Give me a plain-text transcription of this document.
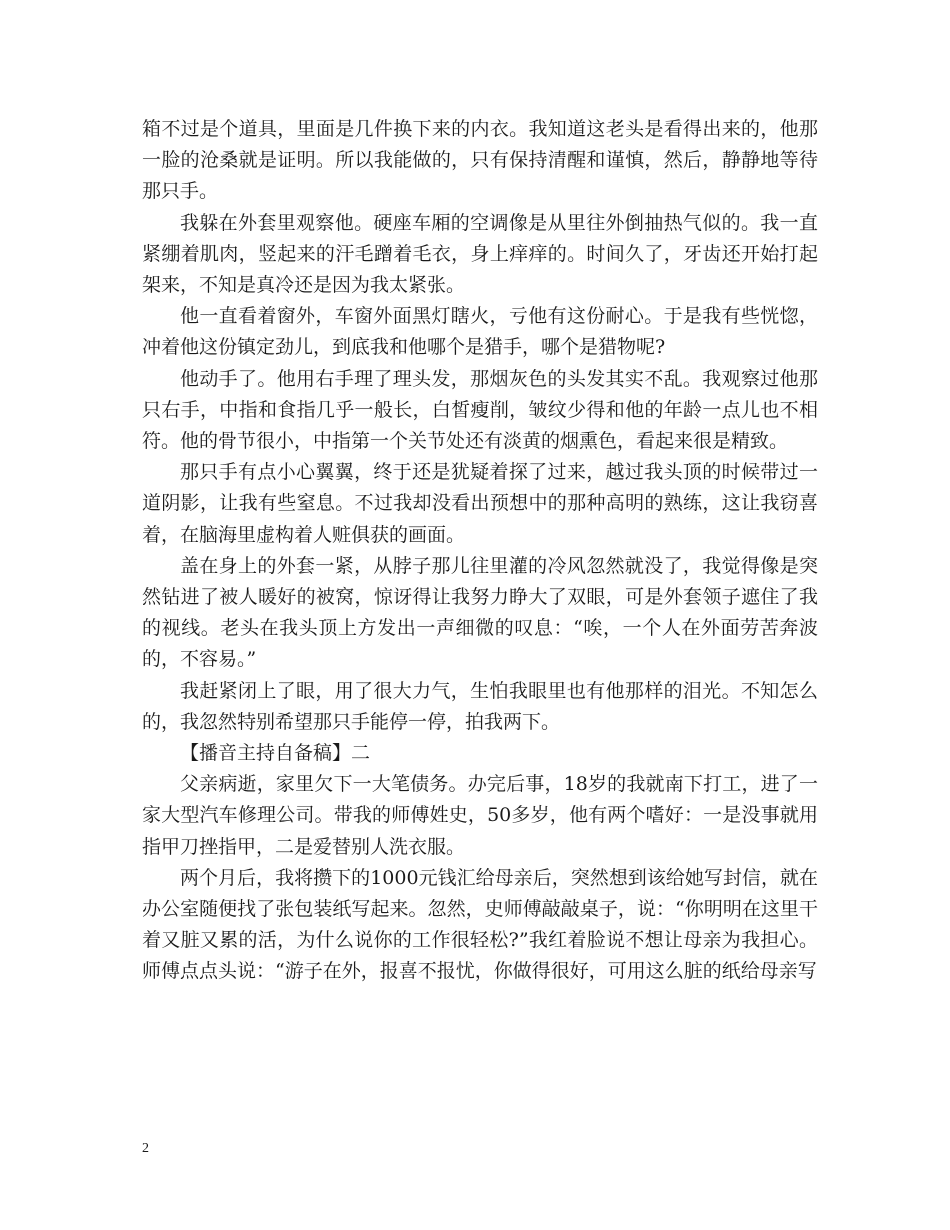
箱不过是个道具，里面是几件换下来的内衣。我知道这老头是看得出来的，他那一脸的沧桑就是证明。所以我能做的，只有保持清醒和谨慎，然后，静静地等待那只手。

我躲在外套里观察他。硬座车厢的空调像是从里往外倒抽热气似的。我一直紧绷着肌肉，竖起来的汗毛蹭着毛衣，身上痒痒的。时间久了，牙齿还开始打起架来，不知是真冷还是因为我太紧张。

他一直看着窗外，车窗外面黑灯瞎火，亏他有这份耐心。于是我有些恍惚，冲着他这份镇定劲儿，到底我和他哪个是猎手，哪个是猎物呢?

他动手了。他用右手理了理头发，那烟灰色的头发其实不乱。我观察过他那只右手，中指和食指几乎一般长，白皙瘦削，皱纹少得和他的年龄一点儿也不相符。他的骨节很小，中指第一个关节处还有淡黄的烟熏色，看起来很是精致。

那只手有点小心翼翼，终于还是犹疑着探了过来，越过我头顶的时候带过一道阴影，让我有些窒息。不过我却没看出预想中的那种高明的熟练，这让我窃喜着，在脑海里虚构着人赃俱获的画面。

盖在身上的外套一紧，从脖子那儿往里灌的冷风忽然就没了，我觉得像是突然钻进了被人暖好的被窝，惊讶得让我努力睁大了双眼，可是外套领子遮住了我的视线。老头在我头顶上方发出一声细微的叹息：“唉，一个人在外面劳苦奔波的，不容易。”

我赶紧闭上了眼，用了很大力气，生怕我眼里也有他那样的泪光。不知怎么的，我忽然特别希望那只手能停一停，拍我两下。

【播音主持自备稿】二

父亲病逝，家里欠下一大笔债务。办完后事，18岁的我就南下打工，进了一家大型汽车修理公司。带我的师傅姓史，50多岁，他有两个嗜好：一是没事就用指甲刀挫指甲，二是爱替别人洗衣服。

两个月后，我将攒下的1000元钱汇给母亲后，突然想到该给她写封信，就在办公室随便找了张包装纸写起来。忽然，史师傅敲敲桌子，说：“你明明在这里干着又脏又累的活，为什么说你的工作很轻松?”我红着脸说不想让母亲为我担心。师傅点点头说：“游子在外，报喜不报忧，你做得很好，可用这么脏的纸给母亲写

2
